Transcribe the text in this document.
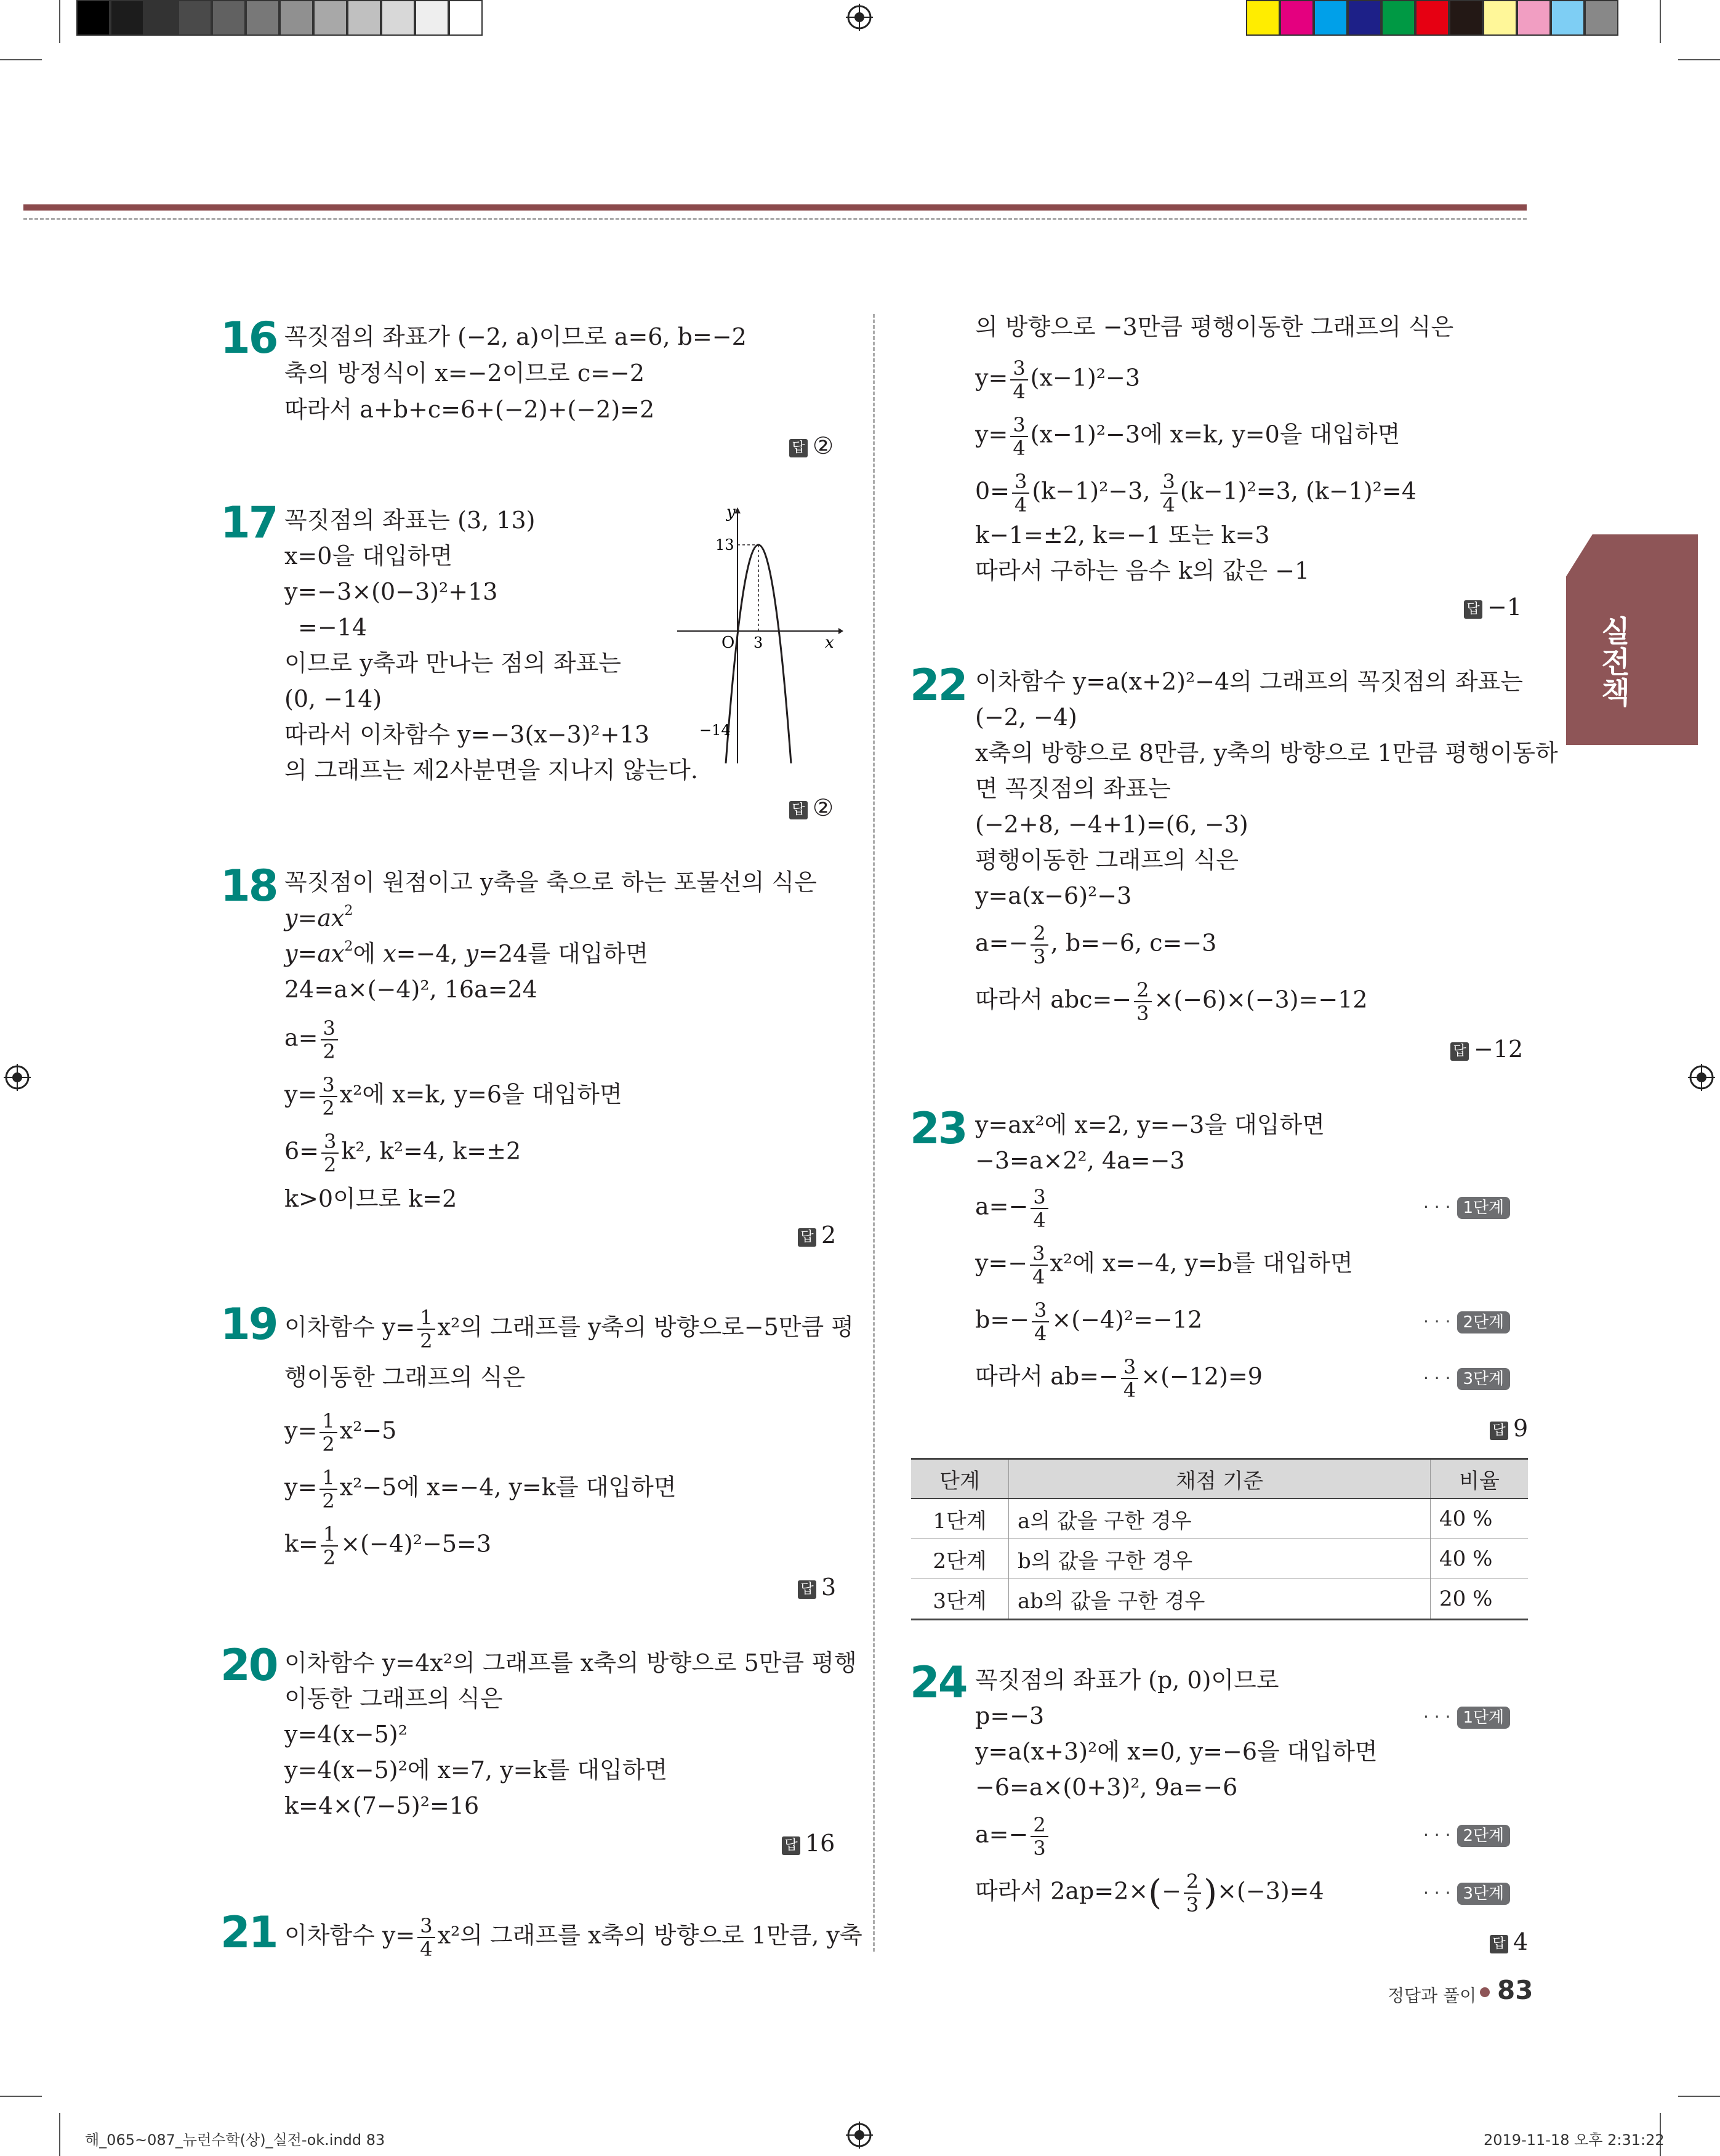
실전책
16 꼭짓점의 좌표가 (−2, a)이므로 a=6, b=−2
축의 방정식이 x=−2이므로 c=−2
따라서 a+b+c=6+(−2)+(−2)=2
답 ②
17 꼭짓점의 좌표는 (3, 13)
x=0을 대입하면
y=−3×(0−3)²+13
=−14
이므로 y축과 만나는 점의 좌표는
(0, −14)
따라서 이차함수 y=−3(x−3)²+13
의 그래프는 제2사분면을 지나지 않는다.
y
x
O
13
3
−14
답 ②
18 꼭짓점이 원점이고 y축을 축으로 하는 포물선의 식은
$y=ax^2$
$y=ax^2$에 x=−4, y=24를 대입하면
24=a×(−4)², 16a=24
$a= \frac{3}{2}$
$y= \frac{3}{2} x^2$에 x=k, y=6을 대입하면
$6= \frac{3}{2} k^2$, k²=4, k=±2
k>0이므로 k=2
답 2
19 이차함수 $y= \frac{1}{2} x^2$의 그래프를 y축의 방향으로−5만큼 평
행이동한 그래프의 식은
$y= \frac{1}{2} x^2-5$
$y= \frac{1}{2} x^2-5$에 x=−4, y=k를 대입하면
$k= \frac{1}{2} \times(-4)^2-5=3$
답 3
20 이차함수 y=4x²의 그래프를 x축의 방향으로 5만큼 평행
이동한 그래프의 식은
y=4(x−5)²
y=4(x−5)²에 x=7, y=k를 대입하면
k=4×(7−5)²=16
답 16
21 이차함수 $y= \frac{3}{4} x^2$의 그래프를 x축의 방향으로 1만큼, y축
의 방향으로 −3만큼 평행이동한 그래프의 식은
$y= \frac{3}{4} (x-1)^2-3$
$y= \frac{3}{4} (x-1)^2-3$에 x=k, y=0을 대입하면
$0= \frac{3}{4} (k-1)^2-3$, $\frac{3}{4} (k-1)^2=3$, (k−1)²=4
k−1=±2, k=−1 또는 k=3
따라서 구하는 음수 k의 값은 −1
답 −1
22 이차함수 y=a(x+2)²−4의 그래프의 꼭짓점의 좌표는
(−2, −4)
x축의 방향으로 8만큼, y축의 방향으로 1만큼 평행이동하
면 꼭짓점의 좌표는
(−2+8, −4+1)=(6, −3)
평행이동한 그래프의 식은
y=a(x−6)²−3
$a=- \frac{2}{3}$ , b=−6, c=−3
따라서 $abc=- \frac{2}{3} \times(-6)\times(-3)=-12$
답 −12
23 y=ax²에 x=2, y=−3을 대입하면
−3=a×2², 4a=−3
$a=- \frac{3}{4}$	· · · 1단계
$y=- \frac{3}{4} x^2$에 x=−4, y=b를 대입하면
$b=- \frac{3}{4} \times(-4)^2=-12$	· · · 2단계
따라서 $ab=- \frac{3}{4} \times(-12)=9$	· · · 3단계
답 9
단계	채점 기준	비율
1단계	a의 값을 구한 경우	40 %
2단계	b의 값을 구한 경우	40 %
3단계	ab의 값을 구한 경우	20 %
24 꼭짓점의 좌표가 (p, 0)이므로
p=−3	· · · 1단계
y=a(x+3)²에 x=0, y=−6을 대입하면
−6=a×(0+3)², 9a=−6
$a=- \frac{2}{3}$	· · · 2단계
따라서 $2ap=2\times(- \frac{2}{3} )\times(-3)=4$	· · · 3단계
답 4
정답과 풀이 83
해_065~087_뉴런수학(상)_실전-ok.indd 83	2019-11-18 오후 2:31:22
